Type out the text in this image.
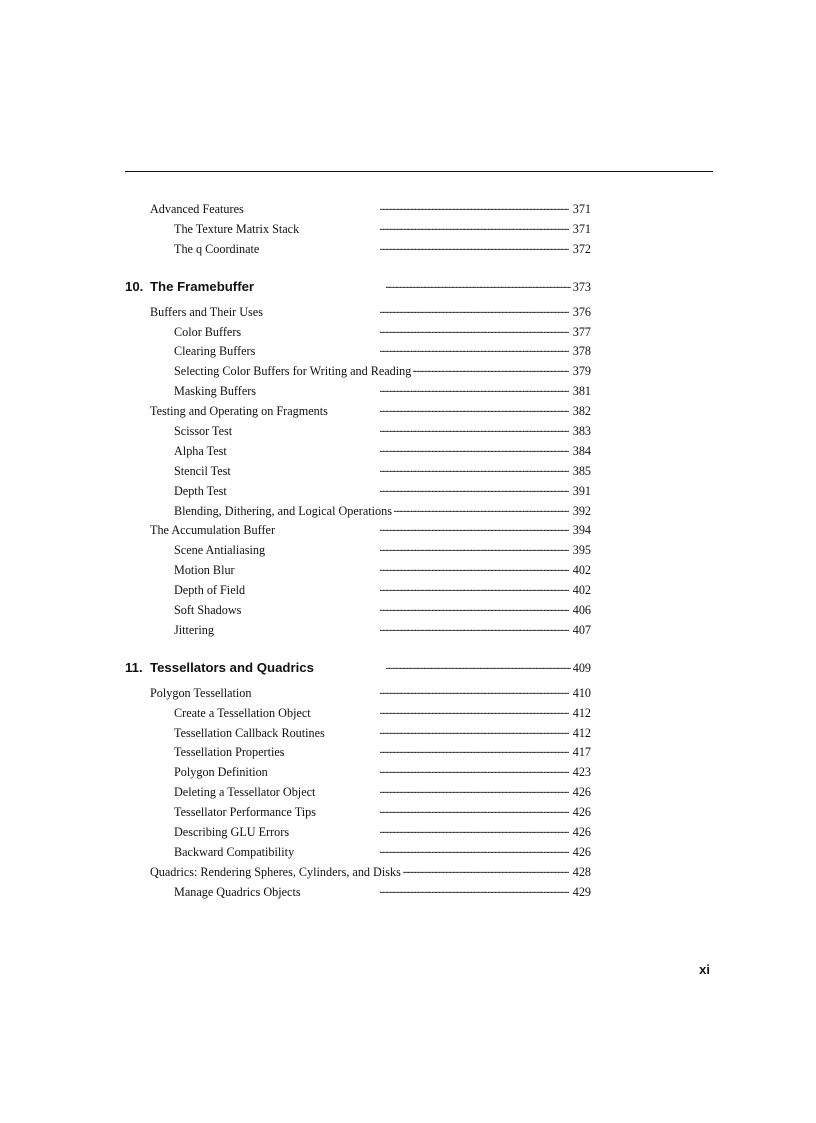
Advanced Features . . .	371
The Texture Matrix Stack . . .	371
The q Coordinate . . .	372
10. The Framebuffer . . .	373
Buffers and Their Uses . . .	376
Color Buffers . . .	377
Clearing Buffers . . .	378
Selecting Color Buffers for Writing and Reading . . .	379
Masking Buffers . . .	381
Testing and Operating on Fragments . . .	382
Scissor Test . . .	383
Alpha Test . . .	384
Stencil Test . . .	385
Depth Test . . .	391
Blending, Dithering, and Logical Operations . . .	392
The Accumulation Buffer . . .	394
Scene Antialiasing . . .	395
Motion Blur . . .	402
Depth of Field . . .	402
Soft Shadows . . .	406
Jittering . . .	407
11. Tessellators and Quadrics . . .	409
Polygon Tessellation . . .	410
Create a Tessellation Object . . .	412
Tessellation Callback Routines . . .	412
Tessellation Properties . . .	417
Polygon Definition . . .	423
Deleting a Tessellator Object . . .	426
Tessellator Performance Tips . . .	426
Describing GLU Errors . . .	426
Backward Compatibility . . .	426
Quadrics: Rendering Spheres, Cylinders, and Disks . . .	428
Manage Quadrics Objects . . .	429
xi
